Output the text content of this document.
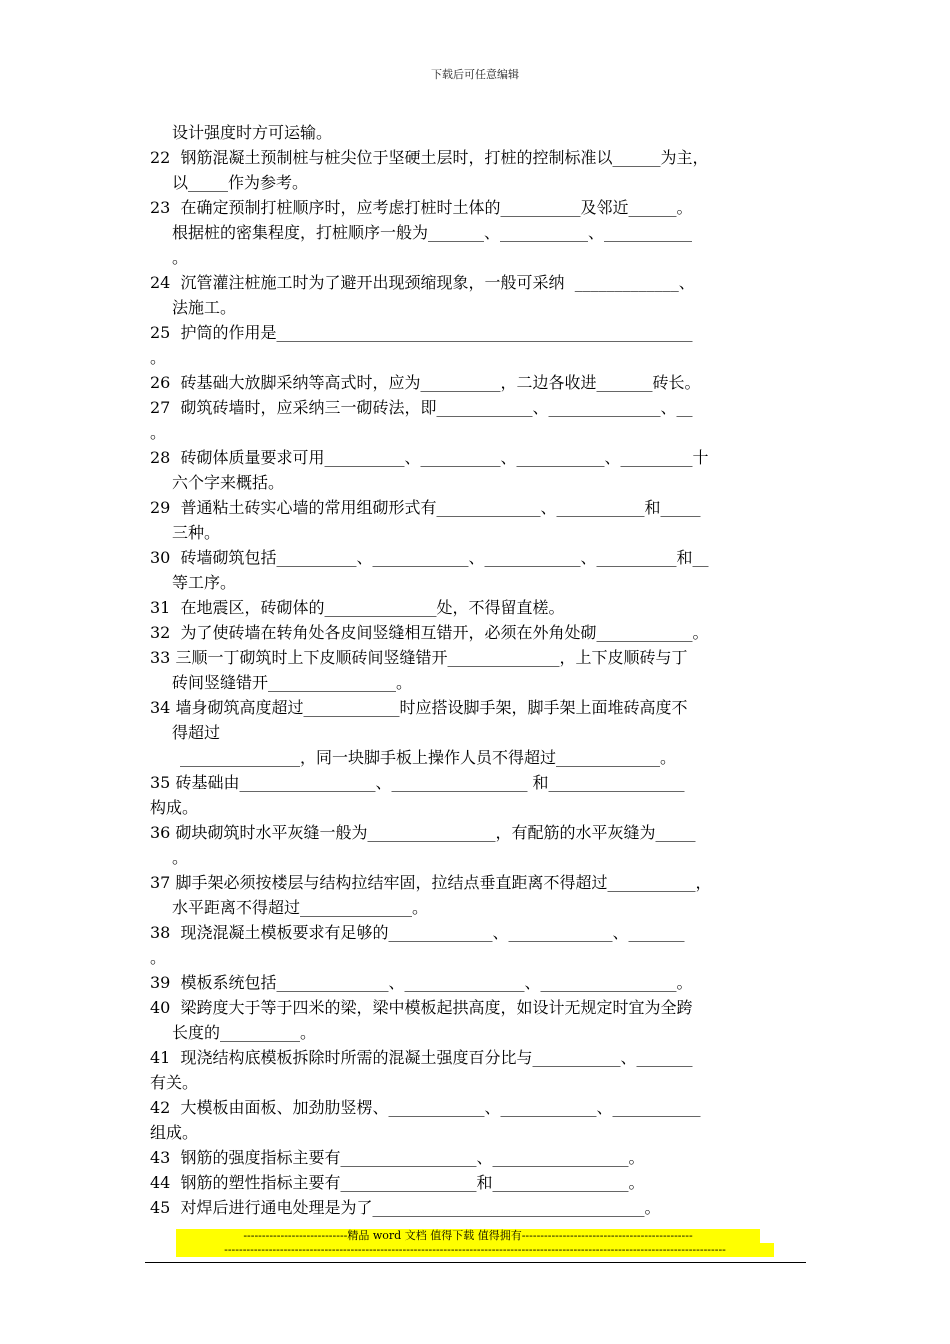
下载后可任意编辑
设计强度时方可运输。
22  钢筋混凝土预制桩与桩尖位于坚硬土层时，打桩的控制标准以______为主，
以_____作为参考。
23  在确定预制打桩顺序时，应考虑打桩时土体的__________及邻近______。
根据桩的密集程度，打桩顺序一般为_______、___________、___________
。
24  沉管灌注桩施工时为了避开出现颈缩现象，一般可采纳  _____________、
法施工。
25  护筒的作用是____________________________________________________
。
26  砖基础大放脚采纳等高式时，应为__________，二边各收进_______砖长。
27  砌筑砖墙时，应采纳三一砌砖法，即____________、______________、__
。
28  砖砌体质量要求可用__________、__________、___________、_________十
六个字来概括。
29  普通粘土砖实心墙的常用组砌形式有_____________、___________和_____
三种。
30  砖墙砌筑包括__________、____________、____________、__________和__
等工序。
31  在地震区，砖砌体的______________处，不得留直槎。
32  为了使砖墙在转角处各皮间竖缝相互错开，必须在外角处砌____________。
33 三顺一丁砌筑时上下皮顺砖间竖缝错开______________，上下皮顺砖与丁
砖间竖缝错开________________。
34 墙身砌筑高度超过____________时应搭设脚手架，脚手架上面堆砖高度不
得超过
_______________，同一块脚手板上操作人员不得超过_____________。
35 砖基础由_________________、_________________ 和_________________
构成。
36 砌块砌筑时水平灰缝一般为________________，有配筋的水平灰缝为_____
。
37 脚手架必须按楼层与结构拉结牢固，拉结点垂直距离不得超过___________，
水平距离不得超过______________。
38  现浇混凝土模板要求有足够的_____________、_____________、_______
。
39  模板系统包括______________、_______________、_________________。
40  梁跨度大于等于四米的梁，梁中模板起拱高度，如设计无规定时宜为全跨
长度的__________。
41  现浇结构底模板拆除时所需的混凝土强度百分比与___________、_______
有关。
42  大模板由面板、加劲肋竖楞、____________、____________、___________
组成。
43  钢筋的强度指标主要有_________________、_________________。
44  钢筋的塑性指标主要有_________________和_________________。
45  对焊后进行通电处理是为了__________________________________。
----------------------------精品 word 文档 值得下载 值得拥有----------------------------------------------
---------------------------------------------------------------------------------------------------------------------------------------
